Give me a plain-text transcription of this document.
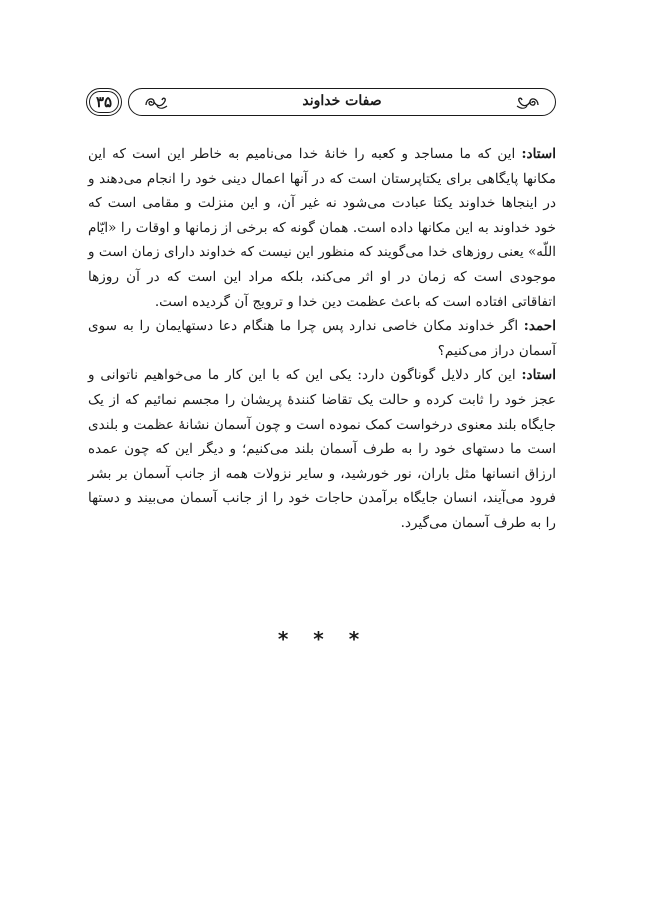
۳۵	صفات خداوند

استاد: این که ما مساجد و کعبه را خانۀ خدا می‌نامیم به خاطر این است که این مکانها پایگاهی برای یکتاپرستان است که در آنها اعمال دینی خود را انجام می‌دهند و در اینجاها خداوند یکتا عبادت می‌شود نه غیر آن، و این منزلت و مقامی است که خود خداوند به این مکانها داده است. همان گونه که برخی از زمانها و اوقات را «ایّام اللّه» یعنی روزهای خدا می‌گویند که منظور این نیست که خداوند دارای زمان است و موجودی است که زمان در او اثر می‌کند، بلکه مراد این است که در آن روزها اتفاقاتی افتاده است که باعث عظمت دین خدا و ترویج آن گردیده است.

احمد: اگر خداوند مکان خاصی ندارد پس چرا ما هنگام دعا دستهایمان را به سوی آسمان دراز می‌کنیم؟

استاد: این کار دلایل گوناگون دارد: یکی این که با این کار ما می‌خواهیم ناتوانی و عجز خود را ثابت کرده و حالت یک تقاضا کنندۀ پریشان را مجسم نمائیم که از یک جایگاه بلند معنوی درخواست کمک نموده است و چون آسمان نشانۀ عظمت و بلندی است ما دستهای خود را به طرف آسمان بلند می‌کنیم؛ و دیگر این که چون عمده ارزاق انسانها مثل باران، نور خورشید، و سایر نزولات همه از جانب آسمان بر بشر فرود می‌آیند، انسان جایگاه برآمدن حاجات خود را از جانب آسمان می‌بیند و دستها را به طرف آسمان می‌گیرد.

* * *
